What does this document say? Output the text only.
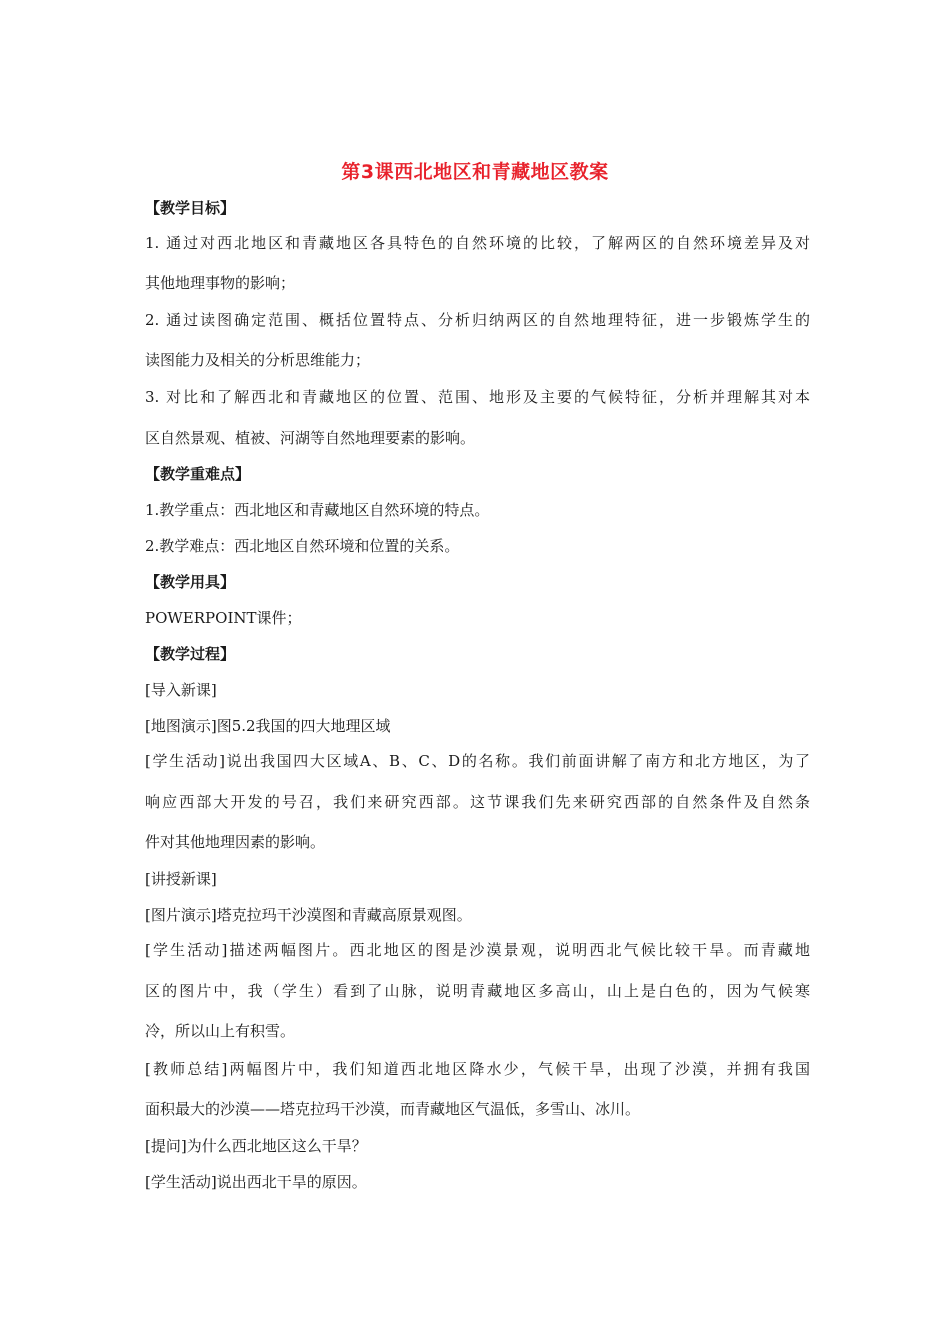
第3课西北地区和青藏地区教案
【教学目标】
1. 通过对西北地区和青藏地区各具特色的自然环境的比较，了解两区的自然环境差异及对
其他地理事物的影响；
2. 通过读图确定范围、概括位置特点、分析归纳两区的自然地理特征，进一步锻炼学生的
读图能力及相关的分析思维能力；
3. 对比和了解西北和青藏地区的位置、范围、地形及主要的气候特征，分析并理解其对本
区自然景观、植被、河湖等自然地理要素的影响。
【教学重难点】
1.教学重点：西北地区和青藏地区自然环境的特点。
2.教学难点：西北地区自然环境和位置的关系。
【教学用具】
POWERPOINT课件；
【教学过程】
[导入新课]
[地图演示]图5.2我国的四大地理区域
[学生活动]说出我国四大区域A、B、C、D的名称。我们前面讲解了南方和北方地区，为了
响应西部大开发的号召，我们来研究西部。这节课我们先来研究西部的自然条件及自然条
件对其他地理因素的影响。
[讲授新课]
[图片演示]塔克拉玛干沙漠图和青藏高原景观图。
[学生活动]描述两幅图片。西北地区的图是沙漠景观，说明西北气候比较干旱。而青藏地
区的图片中，我（学生）看到了山脉，说明青藏地区多高山，山上是白色的，因为气候寒
冷，所以山上有积雪。
[教师总结]两幅图片中，我们知道西北地区降水少，气候干旱，出现了沙漠，并拥有我国
面积最大的沙漠——塔克拉玛干沙漠，而青藏地区气温低，多雪山、冰川。
[提问]为什么西北地区这么干旱？
[学生活动]说出西北干旱的原因。
